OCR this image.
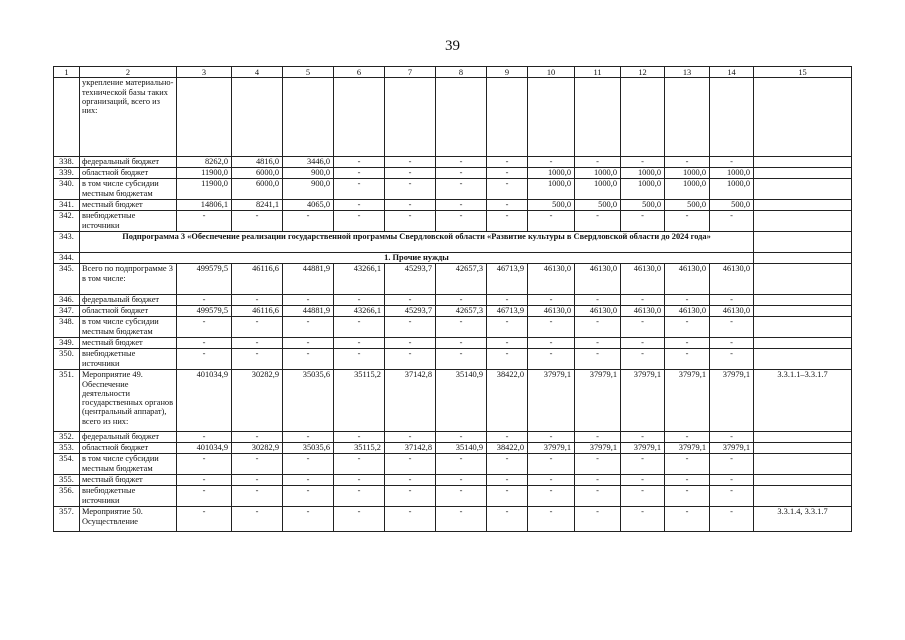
39
1	2	3	4	5	6	7	8	9	10	11	12	13	14	15
	укрепление материально-технической базы таких организаций, всего из них:													
338.	федеральный бюджет	8262,0	4816,0	3446,0	-	-	-	-	-	-	-	-	-	
339.	областной бюджет	11900,0	6000,0	900,0	-	-	-	-	1000,0	1000,0	1000,0	1000,0	1000,0	
340.	в том числе субсидии местным бюджетам	11900,0	6000,0	900,0	-	-	-	-	1000,0	1000,0	1000,0	1000,0	1000,0	
341.	местный бюджет	14806,1	8241,1	4065,0	-	-	-	-	500,0	500,0	500,0	500,0	500,0	
342.	внебюджетные источники	-	-	-	-	-	-	-	-	-	-	-	-	
343.	Подпрограмма 3 «Обеспечение реализации государственной программы Свердловской области «Развитие культуры в Свердловской области до 2024 года»													
344.	1. Прочие нужды													
345.	Всего по подпрограмме 3 в том числе:	499579,5	46116,6	44881,9	43266,1	45293,7	42657,3	46713,9	46130,0	46130,0	46130,0	46130,0	46130,0	
346.	федеральный бюджет	-	-	-	-	-	-	-	-	-	-	-	-	
347.	областной бюджет	499579,5	46116,6	44881,9	43266,1	45293,7	42657,3	46713,9	46130,0	46130,0	46130,0	46130,0	46130,0	
348.	в том числе субсидии местным бюджетам	-	-	-	-	-	-	-	-	-	-	-	-	
349.	местный бюджет	-	-	-	-	-	-	-	-	-	-	-	-	
350.	внебюджетные источники	-	-	-	-	-	-	-	-	-	-	-	-	
351.	Мероприятие 49. Обеспечение деятельности государственных органов (центральный аппарат), всего из них:	401034,9	30282,9	35035,6	35115,2	37142,8	35140,9	38422,0	37979,1	37979,1	37979,1	37979,1	37979,1	3.3.1.1–3.3.1.7
352.	федеральный бюджет	-	-	-	-	-	-	-	-	-	-	-	-	
353.	областной бюджет	401034,9	30282,9	35035,6	35115,2	37142,8	35140,9	38422,0	37979,1	37979,1	37979,1	37979,1	37979,1	
354.	в том числе субсидии местным бюджетам	-	-	-	-	-	-	-	-	-	-	-	-	
355.	местный бюджет	-	-	-	-	-	-	-	-	-	-	-	-	
356.	внебюджетные источники	-	-	-	-	-	-	-	-	-	-	-	-	
357.	Мероприятие 50. Осуществление	-	-	-	-	-	-	-	-	-	-	-	-	3.3.1.4, 3.3.1.7
